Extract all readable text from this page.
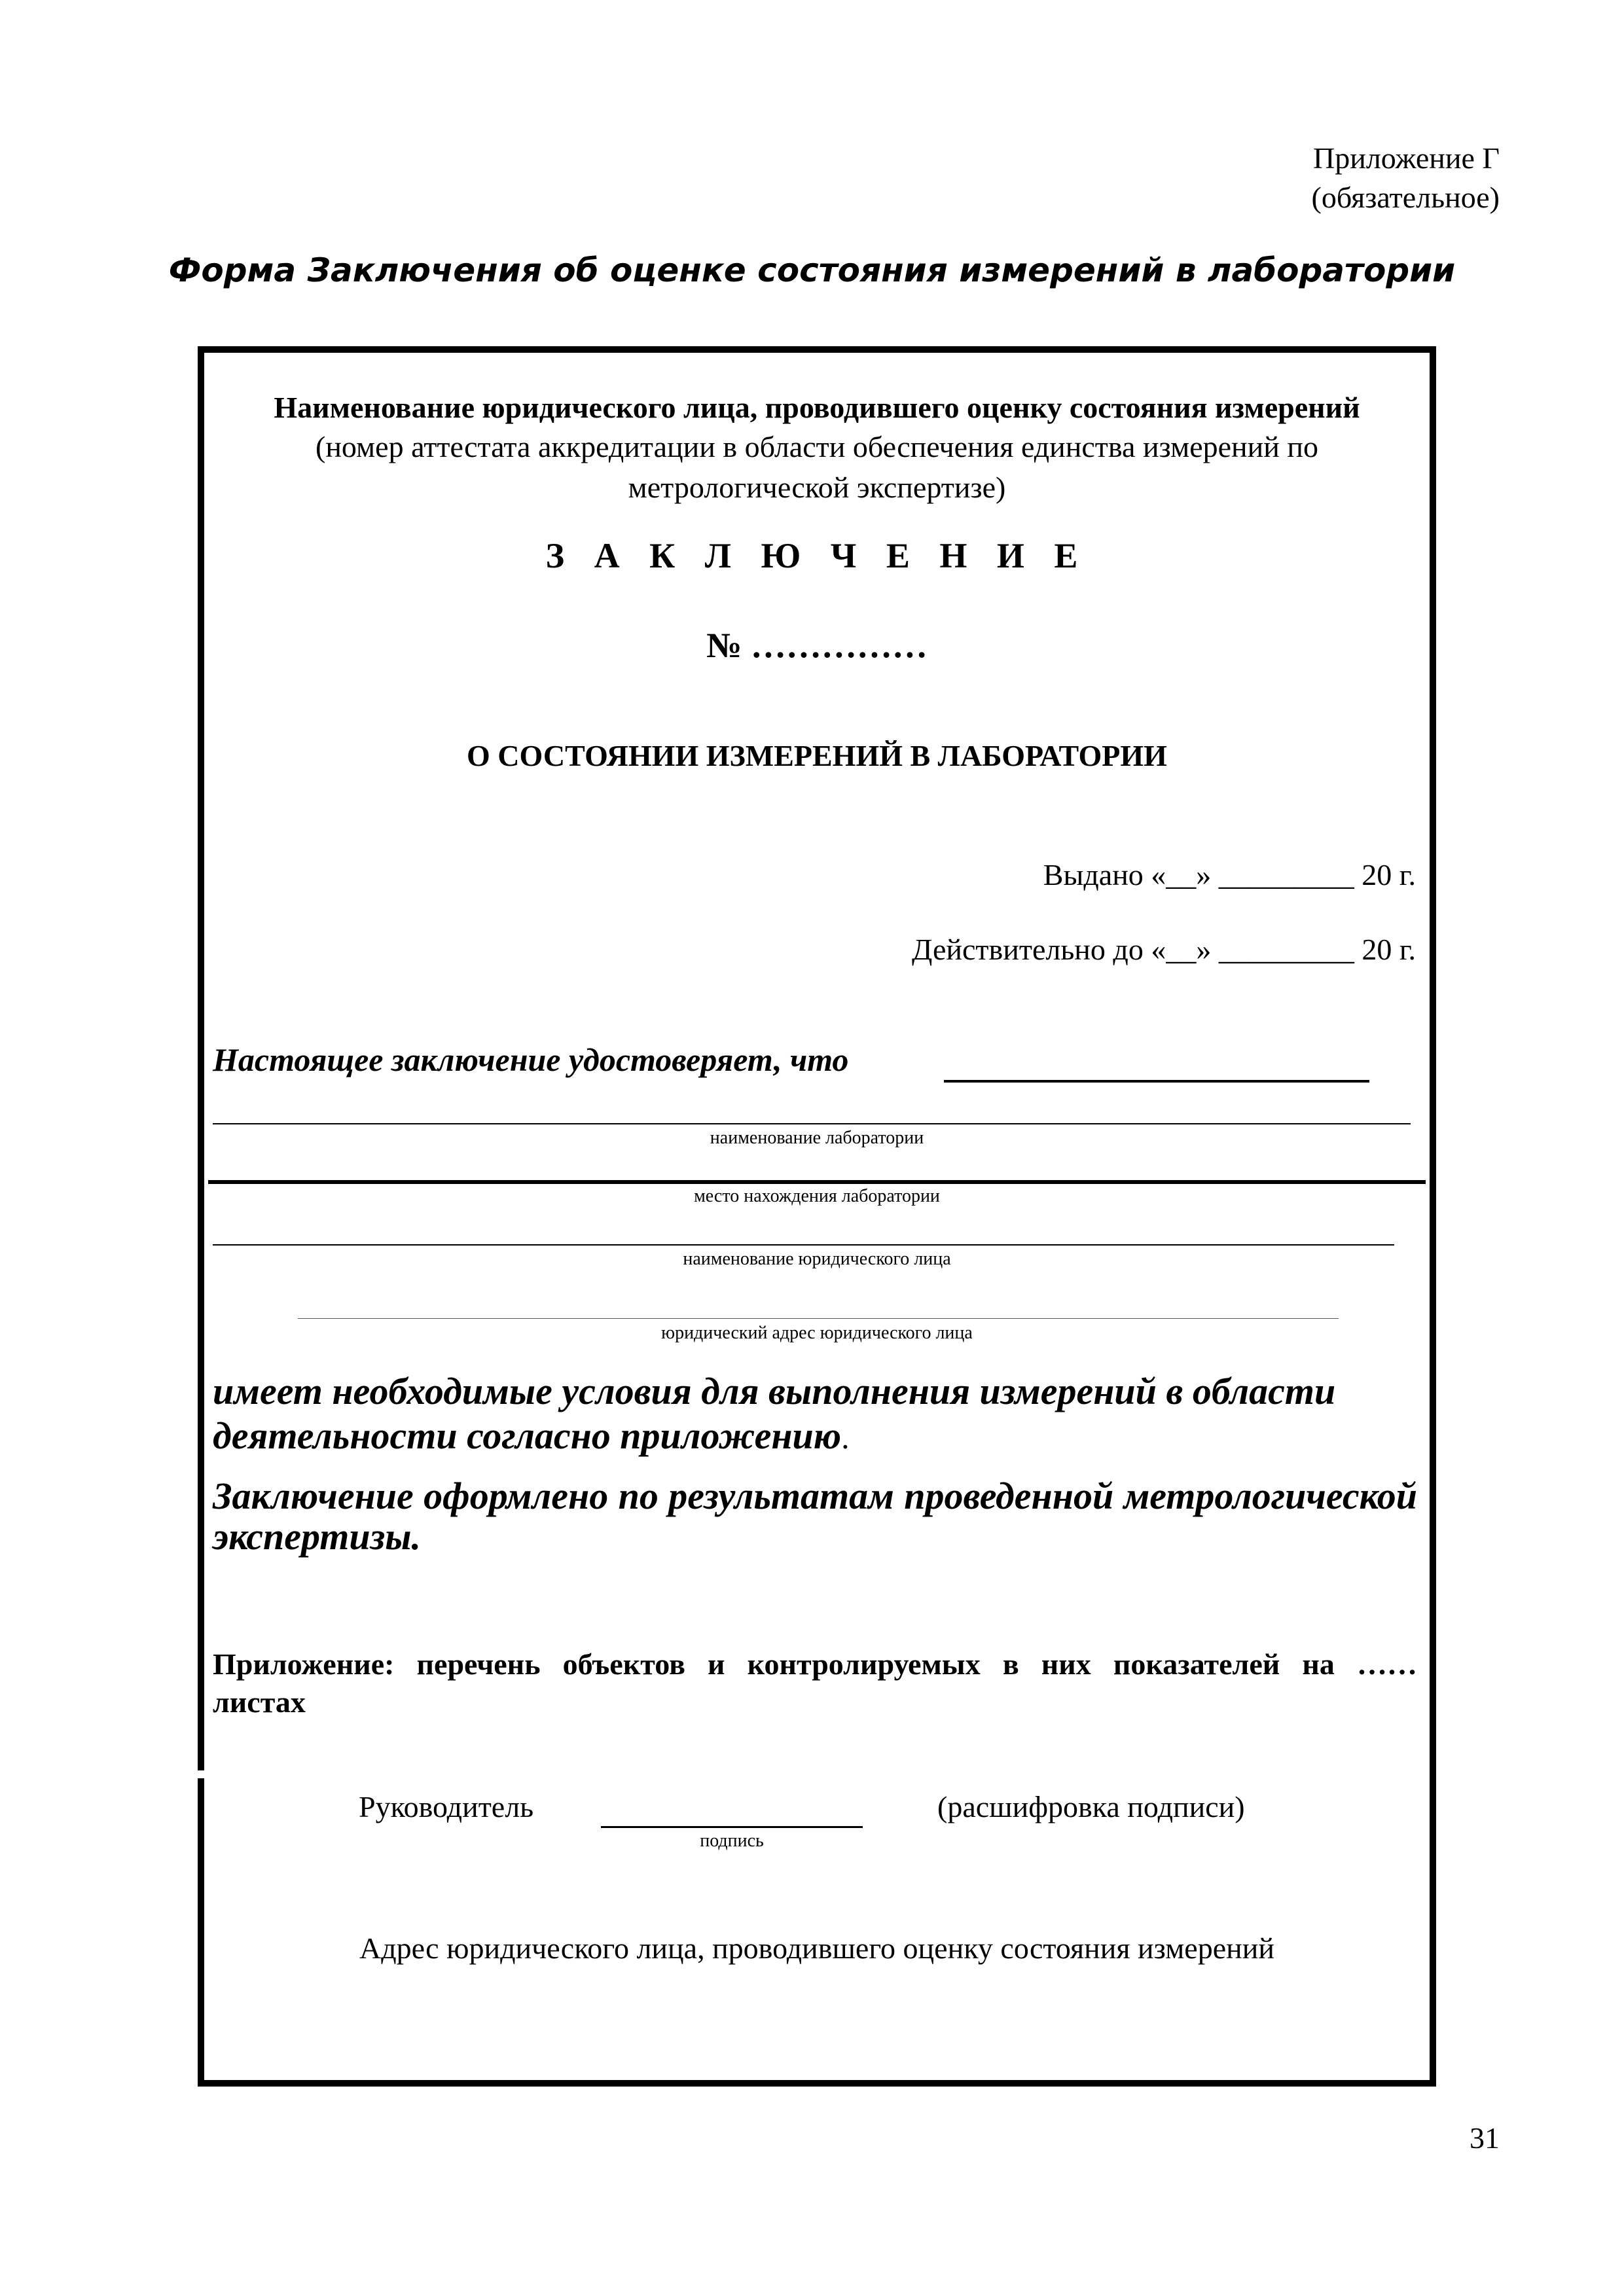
Приложение Г
(обязательное)
Форма Заключения об оценке состояния измерений в лаборатории
Наименование юридического лица, проводившего оценку состояния измерений
(номер аттестата аккредитации в области обеспечения единства измерений по
метрологической экспертизе)
З А К Л Ю Ч Е Н И Е
№ ……………
О СОСТОЯНИИ ИЗМЕРЕНИЙ В ЛАБОРАТОРИИ
Выдано «__» _________ 20 г.
Действительно до «__» _________ 20 г.
Настоящее заключение удостоверяет, что
наименование лаборатории
место нахождения лаборатории
наименование юридического лица
юридический адрес юридического лица
имеет необходимые условия для выполнения измерений в области деятельности согласно приложению.
Заключение оформлено по результатам проведенной метрологической экспертизы.
Приложение: перечень объектов и контролируемых в них показателей на …… листах
Руководитель
подпись
(расшифровка подписи)
Адрес юридического лица, проводившего оценку состояния измерений
31
